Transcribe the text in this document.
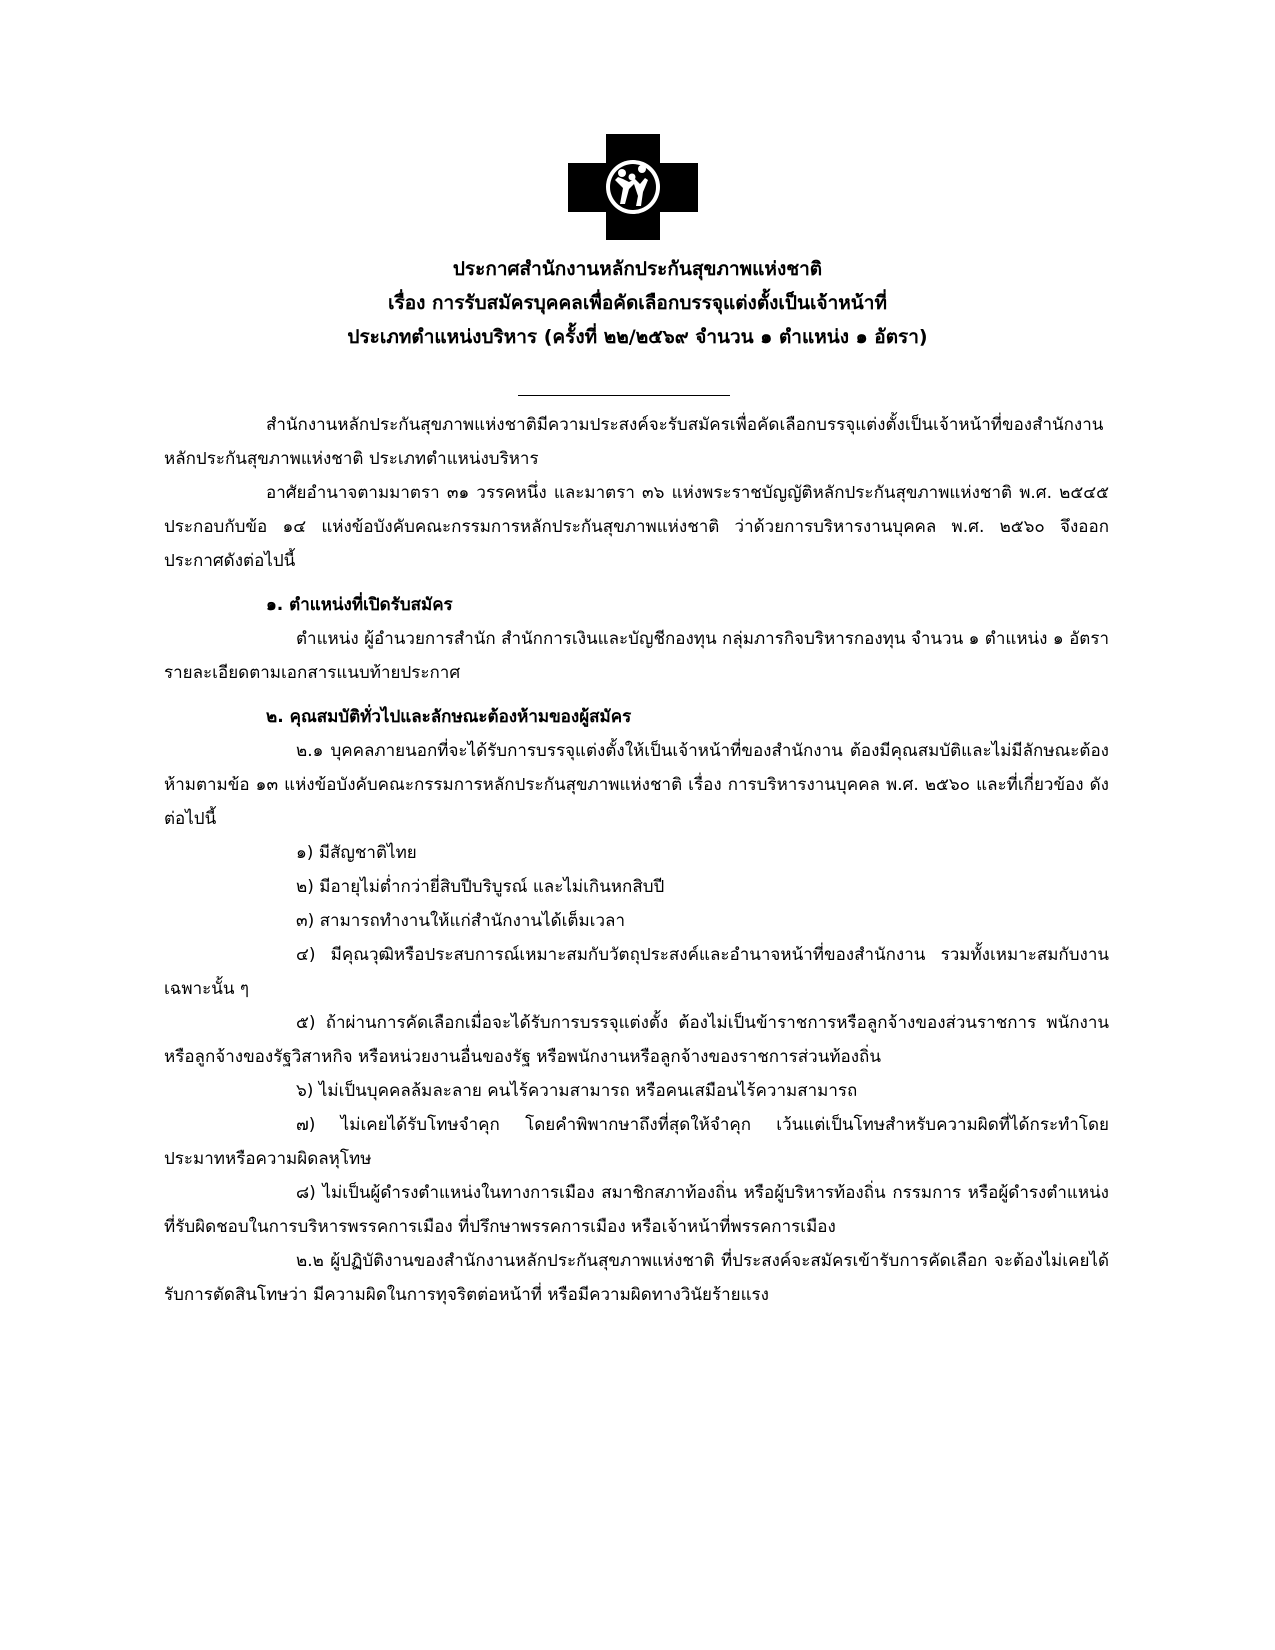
ประกาศสำนักงานหลักประกันสุขภาพแห่งชาติ
เรื่อง การรับสมัครบุคคลเพื่อคัดเลือกบรรจุแต่งตั้งเป็นเจ้าหน้าที่
ประเภทตำแหน่งบริหาร (ครั้งที่ ๒๒/๒๕๖๙ จำนวน ๑ ตำแหน่ง ๑ อัตรา)

สำนักงานหลักประกันสุขภาพแห่งชาติมีความประสงค์จะรับสมัครเพื่อคัดเลือกบรรจุแต่งตั้งเป็นเจ้าหน้าที่ของสำนักงานหลักประกันสุขภาพแห่งชาติ ประเภทตำแหน่งบริหาร

อาศัยอำนาจตามมาตรา ๓๑ วรรคหนึ่ง และมาตรา ๓๖ แห่งพระราชบัญญัติหลักประกันสุขภาพแห่งชาติ พ.ศ. ๒๕๔๕ ประกอบกับข้อ ๑๔ แห่งข้อบังคับคณะกรรมการหลักประกันสุขภาพแห่งชาติ ว่าด้วยการบริหารงานบุคคล พ.ศ. ๒๕๖๐ จึงออกประกาศดังต่อไปนี้

๑. ตำแหน่งที่เปิดรับสมัคร

ตำแหน่ง ผู้อำนวยการสำนัก สำนักการเงินและบัญชีกองทุน กลุ่มภารกิจบริหารกองทุน จำนวน ๑ ตำแหน่ง ๑ อัตรา รายละเอียดตามเอกสารแนบท้ายประกาศ

๒. คุณสมบัติทั่วไปและลักษณะต้องห้ามของผู้สมัคร

๒.๑ บุคคลภายนอกที่จะได้รับการบรรจุแต่งตั้งให้เป็นเจ้าหน้าที่ของสำนักงาน ต้องมีคุณสมบัติและไม่มีลักษณะต้องห้ามตามข้อ ๑๓ แห่งข้อบังคับคณะกรรมการหลักประกันสุขภาพแห่งชาติ เรื่อง การบริหารงานบุคคล พ.ศ. ๒๕๖๐ และที่เกี่ยวข้อง ดังต่อไปนี้

๑) มีสัญชาติไทย

๒) มีอายุไม่ต่ำกว่ายี่สิบปีบริบูรณ์ และไม่เกินหกสิบปี

๓) สามารถทำงานให้แก่สำนักงานได้เต็มเวลา

๔) มีคุณวุฒิหรือประสบการณ์เหมาะสมกับวัตถุประสงค์และอำนาจหน้าที่ของสำนักงาน รวมทั้งเหมาะสมกับงานเฉพาะนั้น ๆ

๕) ถ้าผ่านการคัดเลือกเมื่อจะได้รับการบรรจุแต่งตั้ง ต้องไม่เป็นข้าราชการหรือลูกจ้างของส่วนราชการ พนักงานหรือลูกจ้างของรัฐวิสาหกิจ หรือหน่วยงานอื่นของรัฐ หรือพนักงานหรือลูกจ้างของราชการส่วนท้องถิ่น

๖) ไม่เป็นบุคคลล้มละลาย คนไร้ความสามารถ หรือคนเสมือนไร้ความสามารถ

๗) ไม่เคยได้รับโทษจำคุก โดยคำพิพากษาถึงที่สุดให้จำคุก เว้นแต่เป็นโทษสำหรับความผิดที่ได้กระทำโดยประมาทหรือความผิดลหุโทษ

๘) ไม่เป็นผู้ดำรงตำแหน่งในทางการเมือง สมาชิกสภาท้องถิ่น หรือผู้บริหารท้องถิ่น กรรมการ หรือผู้ดำรงตำแหน่งที่รับผิดชอบในการบริหารพรรคการเมือง ที่ปรึกษาพรรคการเมือง หรือเจ้าหน้าที่พรรคการเมือง

๒.๒ ผู้ปฏิบัติงานของสำนักงานหลักประกันสุขภาพแห่งชาติ ที่ประสงค์จะสมัครเข้ารับการคัดเลือก จะต้องไม่เคยได้รับการตัดสินโทษว่า มีความผิดในการทุจริตต่อหน้าที่ หรือมีความผิดทางวินัยร้ายแรง
